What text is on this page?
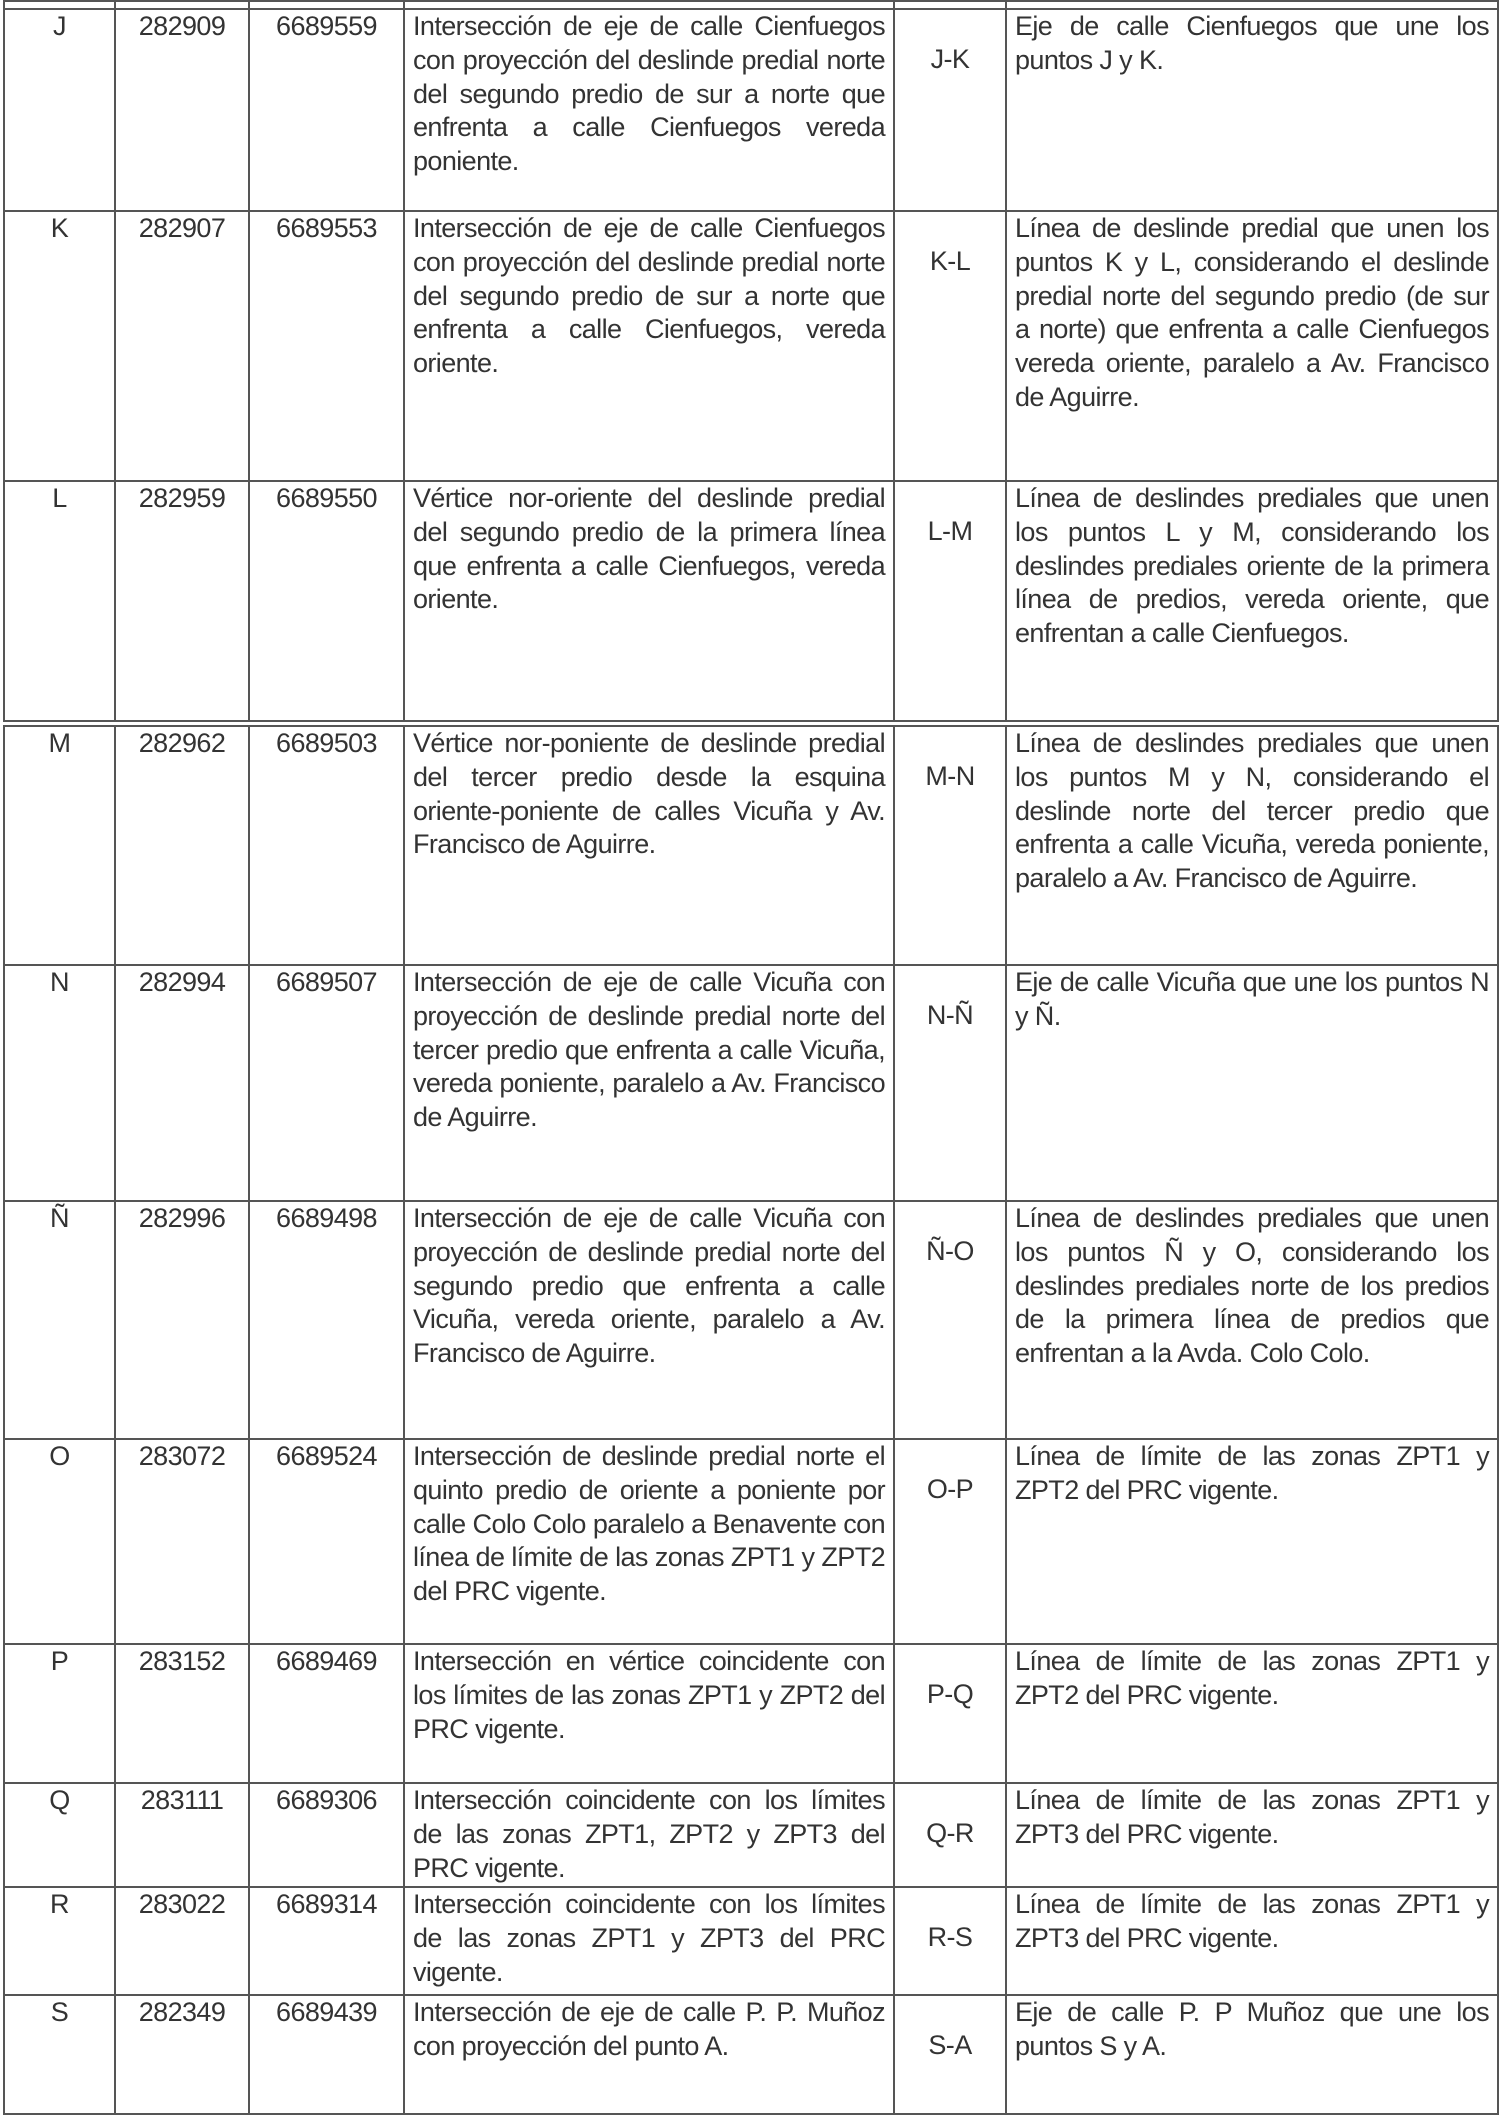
J	282909	6689559	Intersección de eje de calle Cienfuegos con proyección del deslinde predial norte del segundo predio de sur a norte que enfrenta a calle Cienfuegos vereda poniente.	J-K	Eje de calle Cienfuegos que une los puntos J y K.
K	282907	6689553	Intersección de eje de calle Cienfuegos con proyección del deslinde predial norte del segundo predio de sur a norte que enfrenta a calle Cienfuegos, vereda oriente.	K-L	Línea de deslinde predial que unen los puntos K y L, considerando el deslinde predial norte del segundo predio (de sur a norte) que enfrenta a calle Cienfuegos vereda oriente, paralelo a Av. Francisco de Aguirre.
L	282959	6689550	Vértice nor-oriente del deslinde predial del segundo predio de la primera línea que enfrenta a calle Cienfuegos, vereda oriente.	L-M	Línea de deslindes prediales que unen los puntos L y M, considerando los deslindes prediales oriente de la primera línea de predios, vereda oriente, que enfrentan a calle Cienfuegos.

M	282962	6689503	Vértice nor-poniente de deslinde predial del tercer predio desde la esquina oriente-poniente de calles Vicuña y Av. Francisco de Aguirre.	M-N	Línea de deslindes prediales que unen los puntos M y N, considerando el deslinde norte del tercer predio que enfrenta a calle Vicuña, vereda poniente, paralelo a Av. Francisco de Aguirre.
N	282994	6689507	Intersección de eje de calle Vicuña con proyección de deslinde predial norte del tercer predio que enfrenta a calle Vicuña, vereda poniente, paralelo a Av. Francisco de Aguirre.	N-Ñ	Eje de calle Vicuña que une los puntos N y Ñ.
Ñ	282996	6689498	Intersección de eje de calle Vicuña con proyección de deslinde predial norte del segundo predio que enfrenta a calle Vicuña, vereda oriente, paralelo a Av. Francisco de Aguirre.	Ñ-O	Línea de deslindes prediales que unen los puntos Ñ y O, considerando los deslindes prediales norte de los predios de la primera línea de predios que enfrentan a la Avda. Colo Colo.
O	283072	6689524	Intersección de deslinde predial norte el quinto predio de oriente a poniente por calle Colo Colo paralelo a Benavente con línea de límite de las zonas ZPT1 y ZPT2 del PRC vigente.	O-P	Línea de límite de las zonas ZPT1 y ZPT2 del PRC vigente.
P	283152	6689469	Intersección en vértice coincidente con los límites de las zonas ZPT1 y ZPT2 del PRC vigente.	P-Q	Línea de límite de las zonas ZPT1 y ZPT2 del PRC vigente.
Q	283111	6689306	Intersección coincidente con los límites de las zonas ZPT1, ZPT2 y ZPT3 del PRC vigente.	Q-R	Línea de límite de las zonas ZPT1 y ZPT3 del PRC vigente.
R	283022	6689314	Intersección coincidente con los límites de las zonas ZPT1 y ZPT3 del PRC vigente.	R-S	Línea de límite de las zonas ZPT1 y ZPT3 del PRC vigente.
S	282349	6689439	Intersección de eje de calle P. P. Muñoz con proyección del punto A.	S-A	Eje de calle P. P Muñoz que une los puntos S y A.
